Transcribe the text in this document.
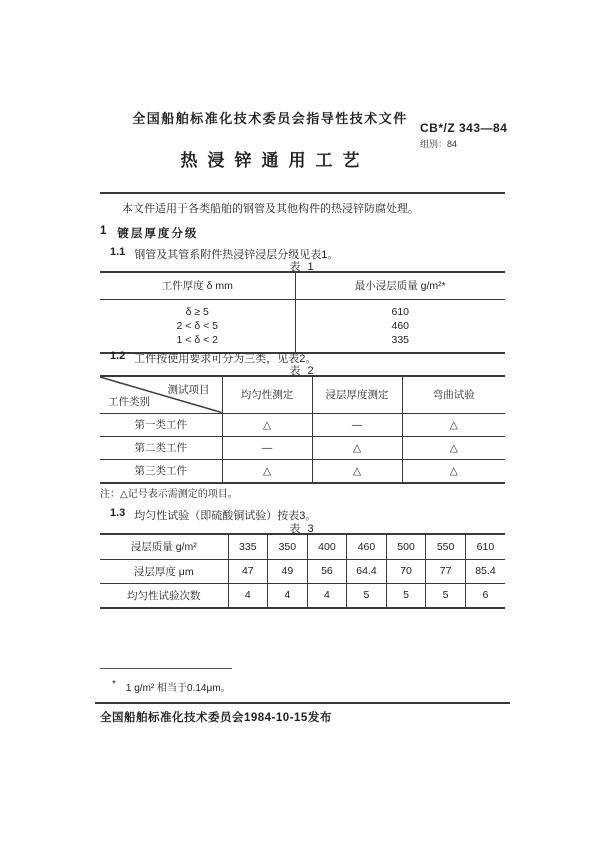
全国船舶标准化技术委员会指导性技术文件
CB*/Z 343—84
组别：84
热浸锌通用工艺
本文件适用于各类船舶的钢管及其他构件的热浸锌防腐处理。
1 镀层厚度分级
1.1 钢管及其管系附件热浸锌浸层分级见表1。
表 1
工件厚度 δ mm	最小浸层质量 g/m²*
δ ≥ 5	610
2 < δ < 5	460
1 < δ < 2	335
1.2 工件按使用要求可分为三类，见表2。
表 2
测试项目
工件类别	均匀性测定	浸层厚度测定	弯曲试验
第一类工件	△	—	△
第二类工件	—	△	△
第三类工件	△	△	△
注：△记号表示需测定的项目。
1.3 均匀性试验（即硫酸铜试验）按表3。
表 3
浸层质量 g/m²	335	350	400	460	500	550	610
浸层厚度 μm	47	49	56	64.4	70	77	85.4
均匀性试验次数	4	4	4	5	5	5	6
* 1 g/m² 相当于0.14μm。
全国船舶标准化技术委员会1984-10-15发布
